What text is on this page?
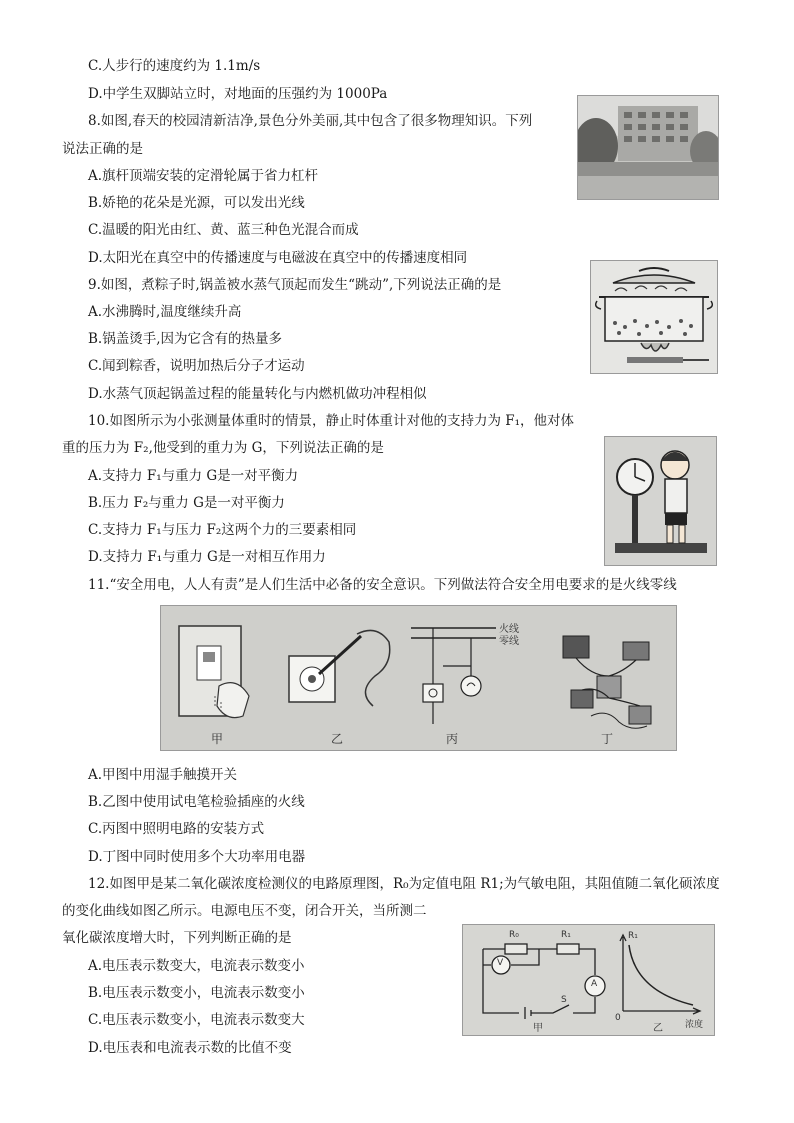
C.人步行的速度约为 1.1m/s
D.中学生双脚站立时，对地面的压强约为 1000Pa
8.如图,春天的校园清新洁净,景色分外美丽,其中包含了很多物理知识。下列
说法正确的是
A.旗杆顶端安装的定滑轮属于省力杠杆
B.娇艳的花朵是光源，可以发出光线
C.温暖的阳光由红、黄、蓝三种色光混合而成
D.太阳光在真空中的传播速度与电磁波在真空中的传播速度相同
9.如图，煮粽子时,锅盖被水蒸气顶起而发生“跳动”,下列说法正确的是
A.水沸腾时,温度继续升高
B.锅盖烫手,因为它含有的热量多
C.闻到粽香，说明加热后分子才运动
D.水蒸气顶起锅盖过程的能量转化与内燃机做功冲程相似
10.如图所示为小张测量体重时的情景，静止时体重计对他的支持力为 F₁，他对体
重的压力为 F₂,他受到的重力为 G，下列说法正确的是
A.支持力 F₁与重力 G是一对平衡力
B.压力 F₂与重力 G是一对平衡力
C.支持力 F₁与压力 F₂这两个力的三要素相同
D.支持力 F₁与重力 G是一对相互作用力
11.“安全用电，人人有责”是人们生活中必备的安全意识。下列做法符合安全用电要求的是火线零线
甲	乙	丙	丁
火线
零线
A.甲图中用湿手触摸开关
B.乙图中使用试电笔检验插座的火线
C.丙图中照明电路的安装方式
D.丁图中同时使用多个大功率用电器
12.如图甲是某二氧化碳浓度检测仪的电路原理图，R₀为定值电阻 R1;为气敏电阻，其阻值随二氧化硕浓度
的变化曲线如图乙所示。电源电压不变，闭合开关，当所测二
氧化碳浓度增大时，下列判断正确的是
A.电压表示数变大，电流表示数变小
B.电压表示数变小，电流表示数变小
C.电压表示数变小，电流表示数变大
D.电压表和电流表示数的比值不变
R₀	R₁
V
A
S
甲	乙
R₁
浓度
0
